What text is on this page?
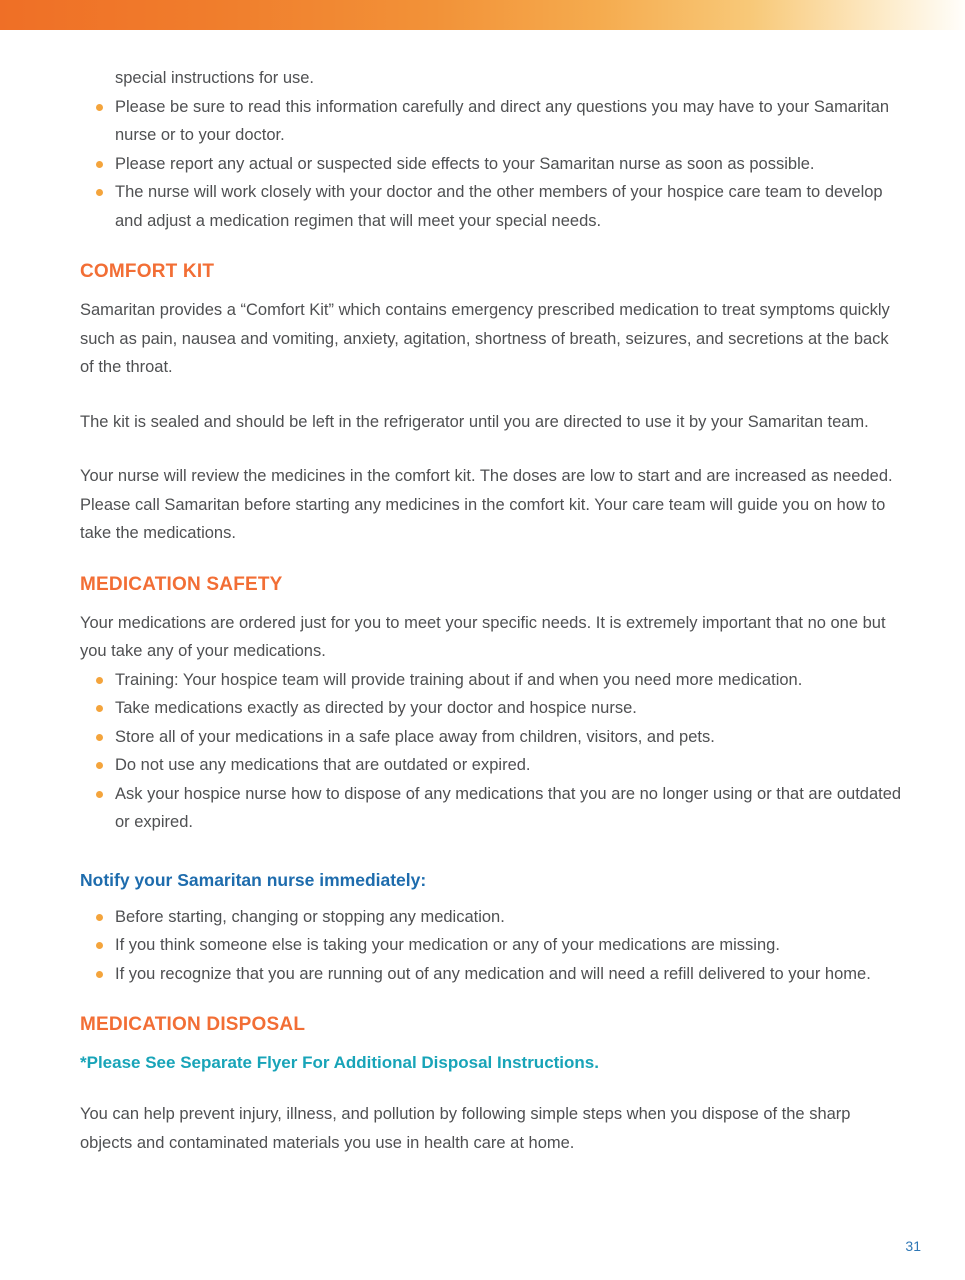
special instructions for use.

Please be sure to read this information carefully and direct any questions you may have to your Samaritan nurse or to your doctor.
Please report any actual or suspected side effects to your Samaritan nurse as soon as possible.
The nurse will work closely with your doctor and the other members of your hospice care team to develop and adjust a medication regimen that will meet your special needs.
COMFORT KIT

Samaritan provides a “Comfort Kit” which contains emergency prescribed medication to treat symptoms quickly such as pain, nausea and vomiting, anxiety, agitation, shortness of breath, seizures, and secretions at the back of the throat.

The kit is sealed and should be left in the refrigerator until you are directed to use it by your Samaritan team.

Your nurse will review the medicines in the comfort kit. The doses are low to start and are increased as needed. Please call Samaritan before starting any medicines in the comfort kit. Your care team will guide you on how to take the medications.

MEDICATION SAFETY

Your medications are ordered just for you to meet your specific needs. It is extremely important that no one but you take any of your medications.

Training: Your hospice team will provide training about if and when you need more medication.
Take medications exactly as directed by your doctor and hospice nurse.
Store all of your medications in a safe place away from children, visitors, and pets.
Do not use any medications that are outdated or expired.
Ask your hospice nurse how to dispose of any medications that you are no longer using or that are outdated or expired.
Notify your Samaritan nurse immediately:
Before starting, changing or stopping any medication.
If you think someone else is taking your medication or any of your medications are missing.
If you recognize that you are running out of any medication and will need a refill delivered to your home.
MEDICATION DISPOSAL

*Please See Separate Flyer For Additional Disposal Instructions.

You can help prevent injury, illness, and pollution by following simple steps when you dispose of the sharp objects and contaminated materials you use in health care at home.

31
